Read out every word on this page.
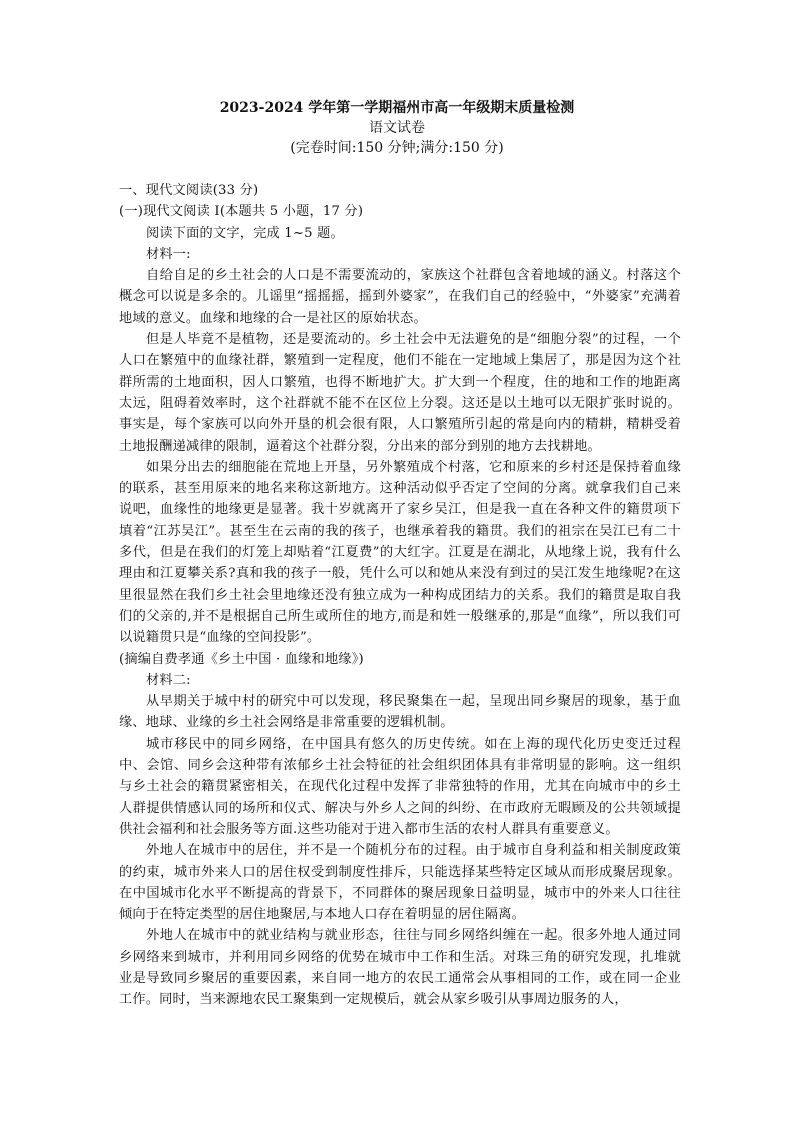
2023-2024 学年第一学期福州市高一年级期末质量检测
语文试卷
(完卷时间:150 分钟;满分:150 分)

一、现代文阅读(33 分)

(一)现代文阅读 I(本题共 5 小题，17 分)

阅读下面的文字，完成 1~5 题。

材料一:

自给自足的乡土社会的人口是不需要流动的，家族这个社群包含着地域的涵义。村落这个概念可以说是多余的。儿谣里“摇摇摇，摇到外婆家”，在我们自己的经验中，“外婆家”充满着地域的意义。血缘和地缘的合一是社区的原始状态。

但是人毕竟不是植物，还是要流动的。乡土社会中无法避免的是“细胞分裂”的过程，一个人口在繁殖中的血缘社群，繁殖到一定程度，他们不能在一定地域上集居了，那是因为这个社群所需的土地面积，因人口繁殖，也得不断地扩大。扩大到一个程度，住的地和工作的地距离太远，阻碍着效率时，这个社群就不能不在区位上分裂。这还是以土地可以无限扩张时说的。事实是，每个家族可以向外开垦的机会很有限，人口繁殖所引起的常是向内的精耕，精耕受着土地报酬递减律的限制，逼着这个社群分裂，分出来的部分到别的地方去找耕地。

如果分出去的细胞能在荒地上开垦，另外繁殖成个村落，它和原来的乡村还是保持着血缘的联系，甚至用原来的地名来称这新地方。这种活动似乎否定了空间的分离。就拿我们自己来说吧，血缘性的地缘更是显著。我十岁就离开了家乡吴江，但是我一直在各种文件的籍贯项下填着“江苏吴江”。甚至生在云南的我的孩子，也继承着我的籍贯。我们的祖宗在吴江已有二十多代，但是在我们的灯笼上却贴着“江夏费”的大红字。江夏是在湖北，从地缘上说，我有什么理由和江夏攀关系?真和我的孩子一般，凭什么可以和她从来没有到过的吴江发生地缘呢?在这里很显然在我们乡土社会里地缘还没有独立成为一种构成团结力的关系。我们的籍贯是取自我们的父亲的,并不是根据自己所生或所住的地方,而是和姓一般继承的,那是“血缘”，所以我们可以说籍贯只是“血缘的空间投影”。

(摘编自费孝通《乡土中国 · 血缘和地缘》)

材料二:

从早期关于城中村的研究中可以发现，移民聚集在一起，呈现出同乡聚居的现象，基于血缘、地球、业缘的乡土社会网络是非常重要的逻辑机制。

城市移民中的同乡网络，在中国具有悠久的历史传统。如在上海的现代化历史变迁过程中、会馆、同乡会这种带有浓郁乡土社会特征的社会组织团体具有非常明显的影响。这一组织与乡土社会的籍贯紧密相关，在现代化过程中发挥了非常独特的作用，尤其在向城市中的乡土人群提供情感认同的场所和仪式、解决与外乡人之间的纠纷、在市政府无暇顾及的公共领域提供社会福利和社会服务等方面.这些功能对于进入都市生活的农村人群具有重要意义。

外地人在城市中的居住，并不是一个随机分布的过程。由于城市自身利益和相关制度政策的约束，城市外来人口的居住权受到制度性排斥，只能选择某些特定区域从而形成聚居现象。在中国城市化水平不断提高的背景下，不同群体的聚居现象日益明显，城市中的外来人口往往倾向于在特定类型的居住地聚居,与本地人口存在着明显的居住隔离。

外地人在城市中的就业结构与就业形态，往往与同乡网络纠缠在一起。很多外地人通过同乡网络来到城市，并利用同乡网络的优势在城市中工作和生活。对珠三角的研究发现，扎堆就业是导致同乡聚居的重要因素，来自同一地方的农民工通常会从事相同的工作，或在同一企业工作。同时，当来源地农民工聚集到一定规模后，就会从家乡吸引从事周边服务的人，
